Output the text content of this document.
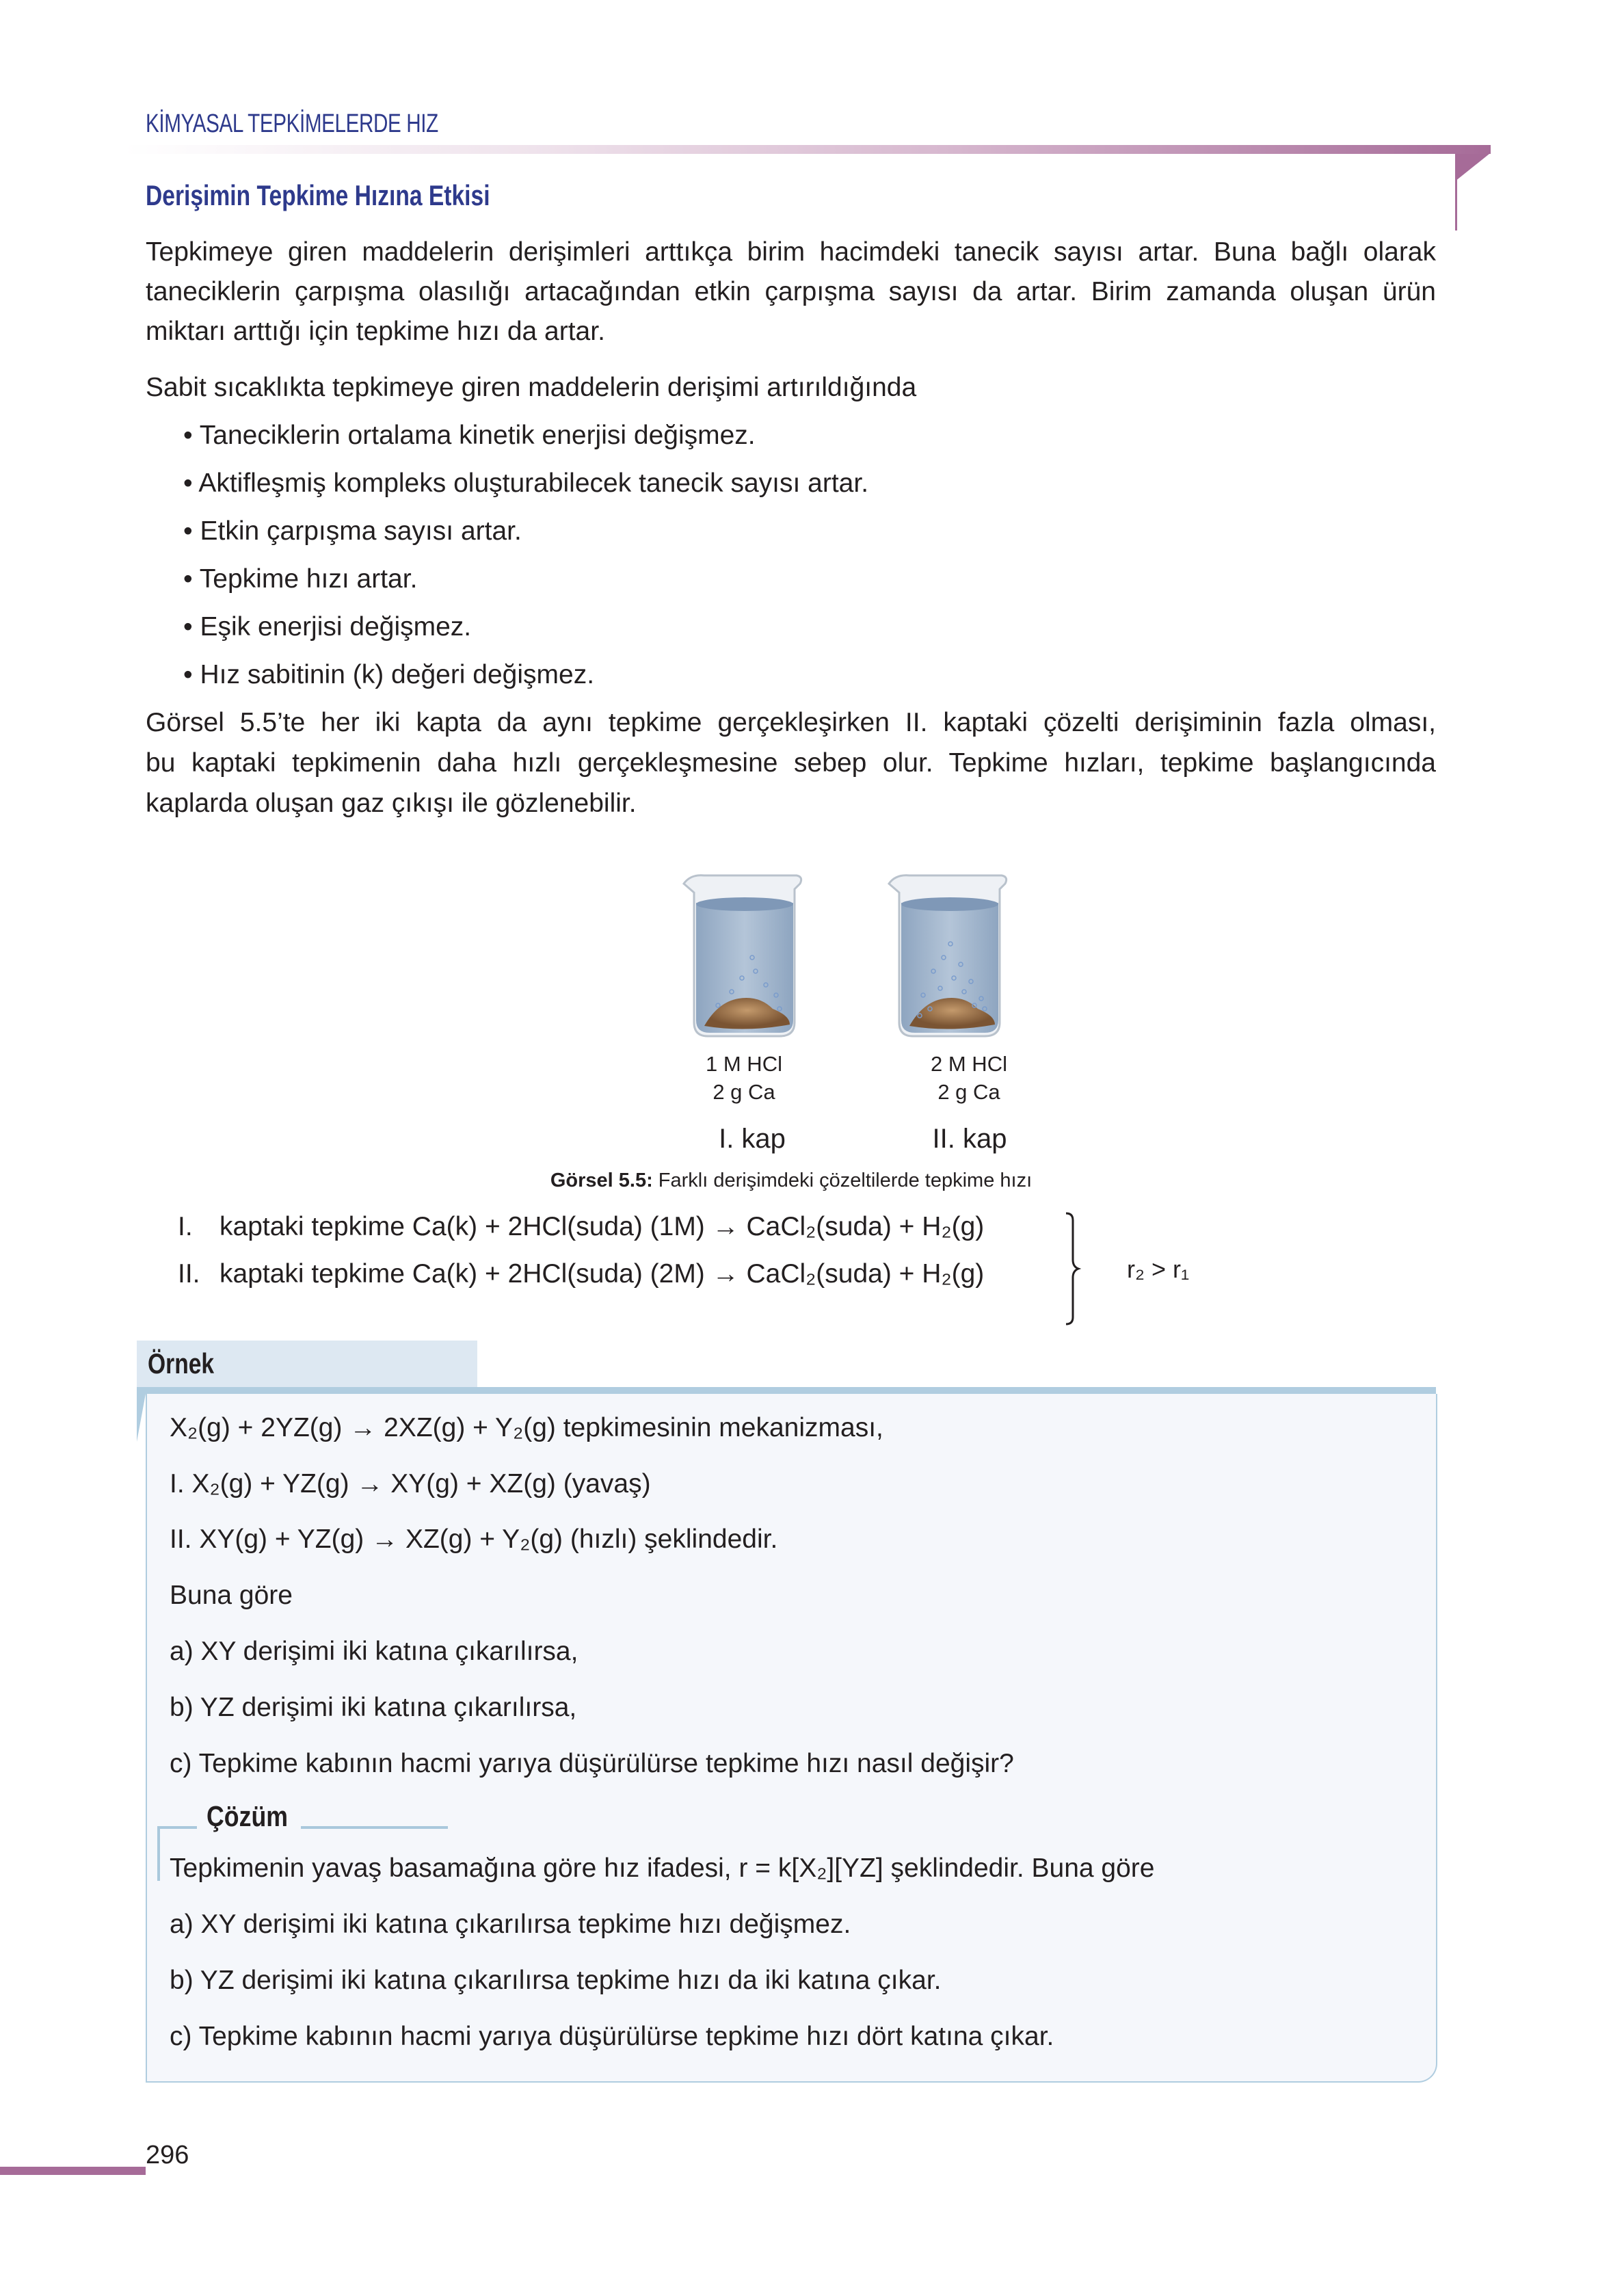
KİMYASAL TEPKİMELERDE HIZ
Derişimin Tepkime Hızına Etkisi
Tepkimeye giren maddelerin derişimleri arttıkça birim hacimdeki tanecik sayısı artar. Buna bağlı olarak
taneciklerin çarpışma olasılığı artacağından etkin çarpışma sayısı da artar. Birim zamanda oluşan ürün
miktarı arttığı için tepkime hızı da artar.
Sabit sıcaklıkta tepkimeye giren maddelerin derişimi artırıldığında
• Taneciklerin ortalama kinetik enerjisi değişmez.
• Aktifleşmiş kompleks oluşturabilecek tanecik sayısı artar.
• Etkin çarpışma sayısı artar.
• Tepkime hızı artar.
• Eşik enerjisi değişmez.
• Hız sabitinin (k) değeri değişmez.
Görsel 5.5’te her iki kapta da aynı tepkime gerçekleşirken II. kaptaki çözelti derişiminin fazla olması,
bu kaptaki tepkimenin daha hızlı gerçekleşmesine sebep olur. Tepkime hızları, tepkime başlangıcında
kaplarda oluşan gaz çıkışı ile gözlenebilir.
1 M HCl
2 g Ca
I. kap
2 M HCl
2 g Ca
II. kap
Görsel 5.5: Farklı derişimdeki çözeltilerde tepkime hızı
I. kaptaki tepkime Ca(k) + 2HCl(suda) (1M) → CaCl₂(suda) + H₂(g)
II. kaptaki tepkime Ca(k) + 2HCl(suda) (2M) → CaCl₂(suda) + H₂(g)	r₂ > r₁
Örnek
X₂(g) + 2YZ(g) → 2XZ(g) + Y₂(g) tepkimesinin mekanizması,
I. X₂(g) + YZ(g) → XY(g) + XZ(g) (yavaş)
II. XY(g) + YZ(g) → XZ(g) + Y₂(g) (hızlı) şeklindedir.
Buna göre
a) XY derişimi iki katına çıkarılırsa,
b) YZ derişimi iki katına çıkarılırsa,
c) Tepkime kabının hacmi yarıya düşürülürse tepkime hızı nasıl değişir?
Çözüm
Tepkimenin yavaş basamağına göre hız ifadesi, r = k[X₂][YZ] şeklindedir. Buna göre
a) XY derişimi iki katına çıkarılırsa tepkime hızı değişmez.
b) YZ derişimi iki katına çıkarılırsa tepkime hızı da iki katına çıkar.
c) Tepkime kabının hacmi yarıya düşürülürse tepkime hızı dört katına çıkar.
296
